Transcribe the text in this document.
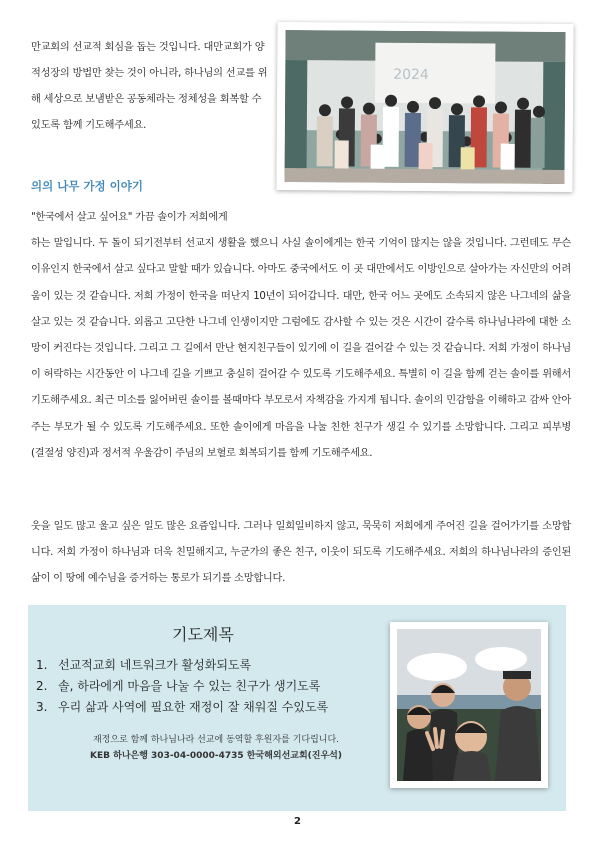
만교회의 선교적 회심을 돕는 것입니다. 대만교회가 양적성장의 방법만 찾는 것이 아니라, 하나님의 선교를 위해 세상으로 보냄받은 공동체라는 정체성을 회복할 수 있도록 함께 기도해주세요.

2024
의의 나무 가정 이야기

"한국에서 살고 싶어요" 가끔 솔이가 저희에게

하는 말입니다. 두 돌이 되기전부터 선교지 생활을 했으니 사실 솔이에게는 한국 기억이 많지는 않을 것입니다. 그런데도 무슨 이유인지 한국에서 살고 싶다고 말할 때가 있습니다. 아마도 중국에서도 이 곳 대만에서도 이방인으로 살아가는 자신만의 어려움이 있는 것 같습니다. 저희 가정이 한국을 떠난지 10년이 되어갑니다. 대만, 한국 어느 곳에도 소속되지 않은 나그네의 삶을 살고 있는 것 같습니다. 외롭고 고단한 나그네 인생이지만 그럼에도 감사할 수 있는 것은 시간이 갈수록 하나님나라에 대한 소망이 커진다는 것입니다. 그리고 그 길에서 만난 현지친구들이 있기에 이 길을 걸어갈 수 있는 것 같습니다. 저희 가정이 하나님이 허락하는 시간동안 이 나그네 길을 기쁘고 충실히 걸어갈 수 있도록 기도해주세요. 특별히 이 길을 함께 걷는 솔이를 위해서 기도해주세요. 최근 미소를 잃어버린 솔이를 볼때마다 부모로서 자책감을 가지게 됩니다. 솔이의 민감함을 이해하고 감싸 안아주는 부모가 될 수 있도록 기도해주세요. 또한 솔이에게 마음을 나눌 친한 친구가 생길 수 있기를 소망합니다. 그리고 피부병(결절성 양진)과 정서적 우울감이 주님의 보혈로 회복되기를 함께 기도해주세요.

웃을 일도 많고 울고 싶은 일도 많은 요즘입니다. 그러나 일희일비하지 않고, 묵묵히 저희에게 주어진 길을 걸어가기를 소망합니다. 저희 가정이 하나님과 더욱 친밀해지고, 누군가의 좋은 친구, 이웃이 되도록 기도해주세요. 저희의 하나님나라의 증인된 삶이 이 땅에 예수님을 증거하는 통로가 되기를 소망합니다.

기도제목
1. 선교적교회 네트워크가 활성화되도록
2. 솔, 하라에게 마음을 나눌 수 있는 친구가 생기도록
3. 우리 삶과 사역에 필요한 재정이 잘 채워질 수있도록
재정으로 함께 하나님나라 선교에 동역할 후원자를 기다립니다.
KEB 하나은행 303-04-0000-4735 한국해외선교회(진우석)
2
